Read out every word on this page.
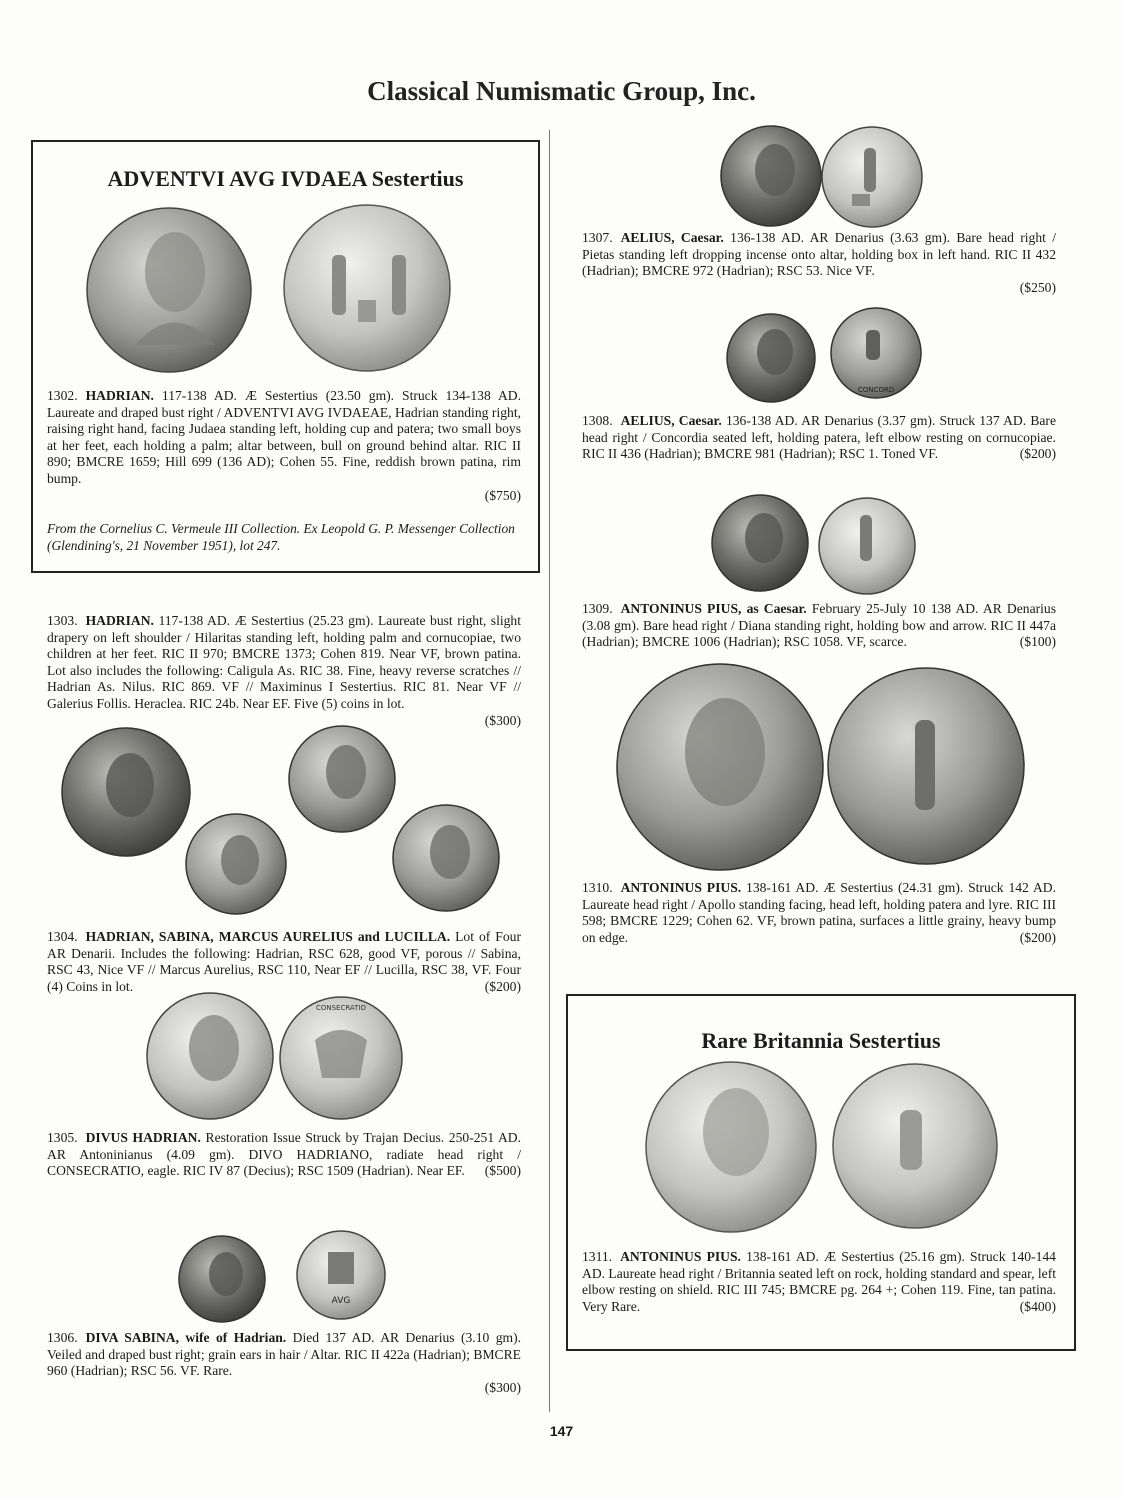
Classical Numismatic Group, Inc.
ADVENTVI AVG IVDAEA Sestertius
Rare Britannia Sestertius
CONCORD
CONSECRATIO
AVG
1302. HADRIAN. 117-138 AD. Æ Sestertius (23.50 gm). Struck 134-138 AD. Laureate and draped bust right / ADVENTVI AVG IVDAEAE, Hadrian standing right, raising right hand, facing Judaea standing left, holding cup and patera; two small boys at her feet, each holding a palm; altar between, bull on ground behind altar. RIC II 890; BMCRE 1659; Hill 699 (136 AD); Cohen 55. Fine, reddish brown patina, rim bump.
($750)
From the Cornelius C. Vermeule III Collection. Ex Leopold G. P. Messenger Collection (Glendining's, 21 November 1951), lot 247.
1303. HADRIAN. 117-138 AD. Æ Sestertius (25.23 gm). Laureate bust right, slight drapery on left shoulder / Hilaritas standing left, holding palm and cornucopiae, two children at her feet. RIC II 970; BMCRE 1373; Cohen 819. Near VF, brown patina. Lot also includes the following: Caligula As. RIC 38. Fine, heavy reverse scratches // Hadrian As. Nilus. RIC 869. VF // Maximinus I Sestertius. RIC 81. Near VF // Galerius Follis. Heraclea. RIC 24b. Near EF. Five (5) coins in lot.
($300)
1304. HADRIAN, SABINA, MARCUS AURELIUS and LUCILLA. Lot of Four AR Denarii. Includes the following: Hadrian, RSC 628, good VF, porous // Sabina, RSC 43, Nice VF // Marcus Aurelius, RSC 110, Near EF // Lucilla, RSC 38, VF. Four (4) Coins in lot.	($200)
1305. DIVUS HADRIAN. Restoration Issue Struck by Trajan Decius. 250-251 AD. AR Antoninianus (4.09 gm). DIVO HADRIANO, radiate head right / CONSECRATIO, eagle. RIC IV 87 (Decius); RSC 1509 (Hadrian). Near EF. ($500)
1306. DIVA SABINA, wife of Hadrian. Died 137 AD. AR Denarius (3.10 gm). Veiled and draped bust right; grain ears in hair / Altar. RIC II 422a (Hadrian); BMCRE 960 (Hadrian); RSC 56. VF. Rare.
($300)
1307. AELIUS, Caesar. 136-138 AD. AR Denarius (3.63 gm). Bare head right / Pietas standing left dropping incense onto altar, holding box in left hand. RIC II 432 (Hadrian); BMCRE 972 (Hadrian); RSC 53. Nice VF.
($250)
1308. AELIUS, Caesar. 136-138 AD. AR Denarius (3.37 gm). Struck 137 AD. Bare head right / Concordia seated left, holding patera, left elbow resting on cornucopiae. RIC II 436 (Hadrian); BMCRE 981 (Hadrian); RSC 1. Toned VF.	($200)
1309. ANTONINUS PIUS, as Caesar. February 25-July 10 138 AD. AR Denarius (3.08 gm). Bare head right / Diana standing right, holding bow and arrow. RIC II 447a (Hadrian); BMCRE 1006 (Hadrian); RSC 1058. VF, scarce.	($100)
1310. ANTONINUS PIUS. 138-161 AD. Æ Sestertius (24.31 gm). Struck 142 AD. Laureate head right / Apollo standing facing, head left, holding patera and lyre. RIC III 598; BMCRE 1229; Cohen 62. VF, brown patina, surfaces a little grainy, heavy bump on edge.	($200)
1311. ANTONINUS PIUS. 138-161 AD. Æ Sestertius (25.16 gm). Struck 140-144 AD. Laureate head right / Britannia seated left on rock, holding standard and spear, left elbow resting on shield. RIC III 745; BMCRE pg. 264 +; Cohen 119. Fine, tan patina. Very Rare.	($400)
147
